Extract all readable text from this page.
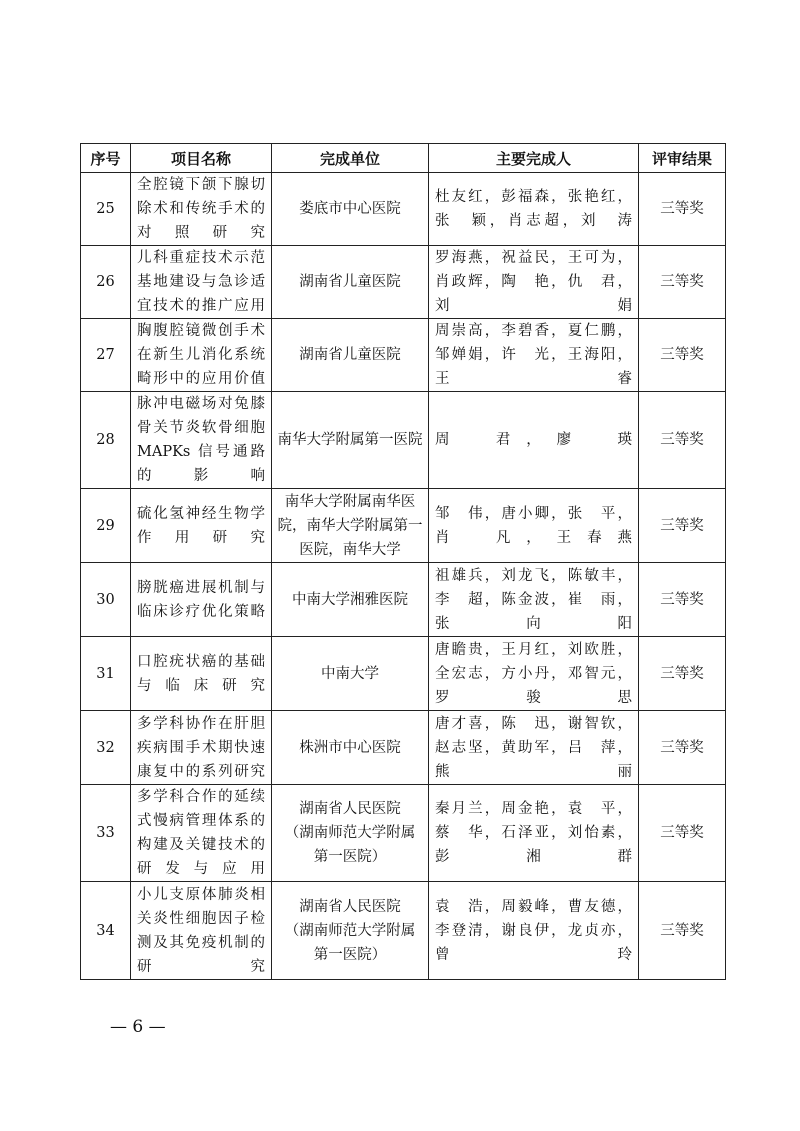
序号	项目名称	完成单位	主要完成人	评审结果
25	全腔镜下颌下腺切
除术和传统手术的
对照研究	娄底市中心医院	杜友红，彭福森，张艳红，
张　颖，肖志超，刘　涛	三等奖
26	儿科重症技术示范
基地建设与急诊适
宜技术的推广应用	湖南省儿童医院	罗海燕，祝益民，王可为，
肖政辉，陶　艳，仇　君，
刘　娟	三等奖
27	胸腹腔镜微创手术
在新生儿消化系统
畸形中的应用价值	湖南省儿童医院	周崇高，李碧香，夏仁鹏，
邹婵娟，许　光，王海阳，
王　睿	三等奖
28	脉冲电磁场对兔膝
骨关节炎软骨细胞
MAPKs 信号通路
的影响	南华大学附属第一医院	周　君，廖　瑛	三等奖
29	硫化氢神经生物学
作用研究	南华大学附属南华医
院，南华大学附属第一
医院，南华大学	邹　伟，唐小卿，张　平，
肖　凡，王春燕	三等奖
30	膀胱癌进展机制与
临床诊疗优化策略	中南大学湘雅医院	祖雄兵，刘龙飞，陈敏丰，
李　超，陈金波，崔　雨，
张向阳	三等奖
31	口腔疣状癌的基础
与临床研究	中南大学	唐瞻贵，王月红，刘欧胜，
全宏志，方小丹，邓智元，
罗骏思	三等奖
32	多学科协作在肝胆
疾病围手术期快速
康复中的系列研究	株洲市中心医院	唐才喜，陈　迅，谢智钦，
赵志坚，黄助军，吕　萍，
熊　丽	三等奖
33	多学科合作的延续
式慢病管理体系的
构建及关键技术的
研发与应用	湖南省人民医院
（湖南师范大学附属
第一医院）	秦月兰，周金艳，袁　平，
蔡　华，石泽亚，刘怡素，
彭湘群	三等奖
34	小儿支原体肺炎相
关炎性细胞因子检
测及其免疫机制的
研究	湖南省人民医院
（湖南师范大学附属
第一医院）	袁　浩，周毅峰，曹友德，
李登清，谢良伊，龙贞亦，
曾　玲	三等奖
— 6 —
